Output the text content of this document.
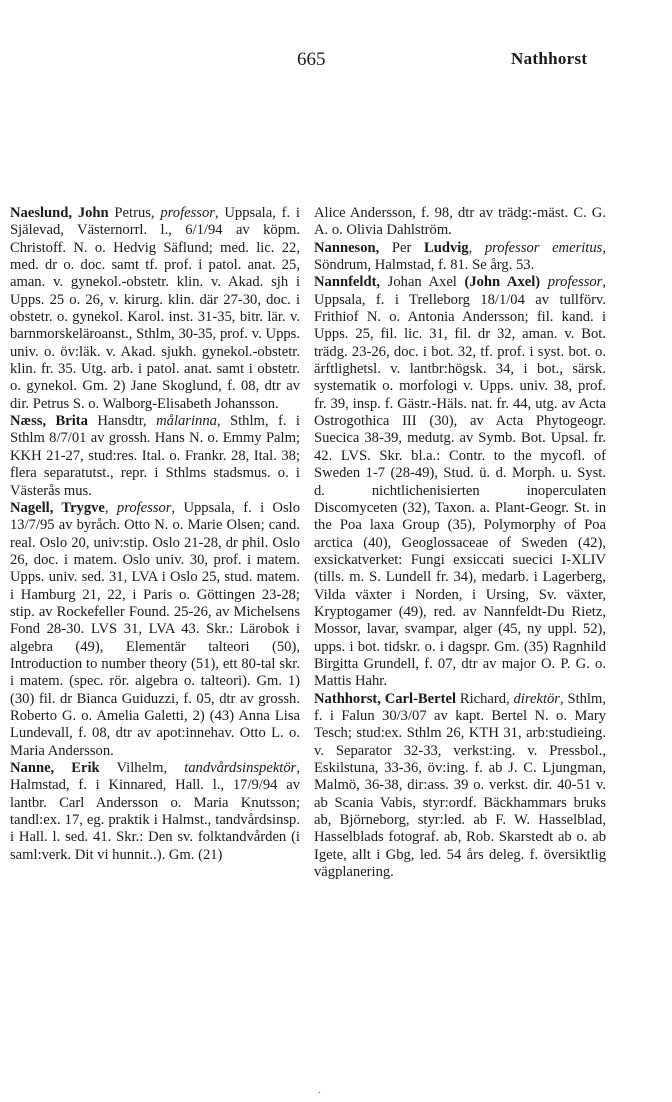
665	Nathhorst
Naeslund, John Petrus, professor, Uppsala, f. i Själevad, Västernorrl. l., 6/1/94 av köpm. Christoff. N. o. Hedvig Säflund; med. lic. 22, med. dr o. doc. samt tf. prof. i patol. anat. 25, aman. v. gynekol.-obstetr. klin. v. Akad. sjh i Upps. 25 o. 26, v. kirurg. klin. där 27-30, doc. i obstetr. o. gynekol. Karol. inst. 31-35, bitr. lär. v. barnmorskeläroanst., Sthlm, 30-35, prof. v. Upps. univ. o. öv:läk. v. Akad. sjukh. gynekol.-obstetr. klin. fr. 35. Utg. arb. i patol. anat. samt i obstetr. o. gynekol. Gm. 2) Jane Skoglund, f. 08, dtr av dir. Petrus S. o. Walborg-Elisabeth Johansson.
Næss, Brita Hansdtr, målarinna, Sthlm, f. i Sthlm 8/7/01 av grossh. Hans N. o. Emmy Palm; KKH 21-27, stud:res. Ital. o. Frankr. 28, Ital. 38; flera separatutst., repr. i Sthlms stadsmus. o. i Västerås mus.
Nagell, Trygve, professor, Uppsala, f. i Oslo 13/7/95 av byråch. Otto N. o. Marie Olsen; cand. real. Oslo 20, univ:stip. Oslo 21-28, dr phil. Oslo 26, doc. i matem. Oslo univ. 30, prof. i matem. Upps. univ. sed. 31, LVA i Oslo 25, stud. matem. i Hamburg 21, 22, i Paris o. Göttingen 23-28; stip. av Rockefeller Found. 25-26, av Michelsens Fond 28-30. LVS 31, LVA 43. Skr.: Lärobok i algebra (49), Elementär talteori (50), Introduction to number theory (51), ett 80-tal skr. i matem. (spec. rör. algebra o. talteori). Gm. 1) (30) fil. dr Bianca Guiduzzi, f. 05, dtr av grossh. Roberto G. o. Amelia Galetti, 2) (43) Anna Lisa Lundevall, f. 08, dtr av apot:innehav. Otto L. o. Maria Andersson.
Nanne, Erik Vilhelm, tandvårdsinspektör, Halmstad, f. i Kinnared, Hall. l., 17/9/94 av lantbr. Carl Andersson o. Maria Knutsson; tandl:ex. 17, eg. praktik i Halmst., tandvårdsinsp. i Hall. l. sed. 41. Skr.: Den sv. folktandvården (i saml:verk. Dit vi hunnit..). Gm. (21)
Alice Andersson, f. 98, dtr av trädg:-mäst. C. G. A. o. Olivia Dahlström.
Nanneson, Per Ludvig, professor emeritus, Söndrum, Halmstad, f. 81. Se årg. 53.
Nannfeldt, Johan Axel (John Axel) professor, Uppsala, f. i Trelleborg 18/1/04 av tullförv. Frithiof N. o. Antonia Andersson; fil. kand. i Upps. 25, fil. lic. 31, fil. dr 32, aman. v. Bot. trädg. 23-26, doc. i bot. 32, tf. prof. i syst. bot. o. ärftlighetsl. v. lantbr:högsk. 34, i bot., särsk. systematik o. morfologi v. Upps. univ. 38, prof. fr. 39, insp. f. Gästr.-Häls. nat. fr. 44, utg. av Acta Ostrogothica III (30), av Acta Phytogeogr. Suecica 38-39, medutg. av Symb. Bot. Upsal. fr. 42. LVS. Skr. bl.a.: Contr. to the mycofl. of Sweden 1-7 (28-49), Stud. ü. d. Morph. u. Syst. d. nichtlichenisierten inoperculaten Discomyceten (32), Taxon. a. Plant-Geogr. St. in the Poa laxa Group (35), Polymorphy of Poa arctica (40), Geoglossaceae of Sweden (42), exsickatverket: Fungi exsiccati suecici I-XLIV (tills. m. S. Lundell fr. 34), medarb. i Lagerberg, Vilda växter i Norden, i Ursing, Sv. växter, Kryptogamer (49), red. av Nannfeldt-Du Rietz, Mossor, lavar, svampar, alger (45, ny uppl. 52), upps. i bot. tidskr. o. i dagspr. Gm. (35) Ragnhild Birgitta Grundell, f. 07, dtr av major O. P. G. o. Mattis Hahr.
Nathhorst, Carl-Bertel Richard, direktör, Sthlm, f. i Falun 30/3/07 av kapt. Bertel N. o. Mary Tesch; stud:ex. Sthlm 26, KTH 31, arb:studieing. v. Separator 32-33, verkst:ing. v. Pressbol., Eskilstuna, 33-36, öv:ing. f. ab J. C. Ljungman, Malmö, 36-38, dir:ass. 39 o. verkst. dir. 40-51 v. ab Scania Vabis, styr:ordf. Bäckhammars bruks ab, Björneborg, styr:led. ab F. W. Hasselblad, Hasselblads fotograf. ab, Rob. Skarstedt ab o. ab Igete, allt i Gbg, led. 54 års deleg. f. översiktlig vägplanering.
·
